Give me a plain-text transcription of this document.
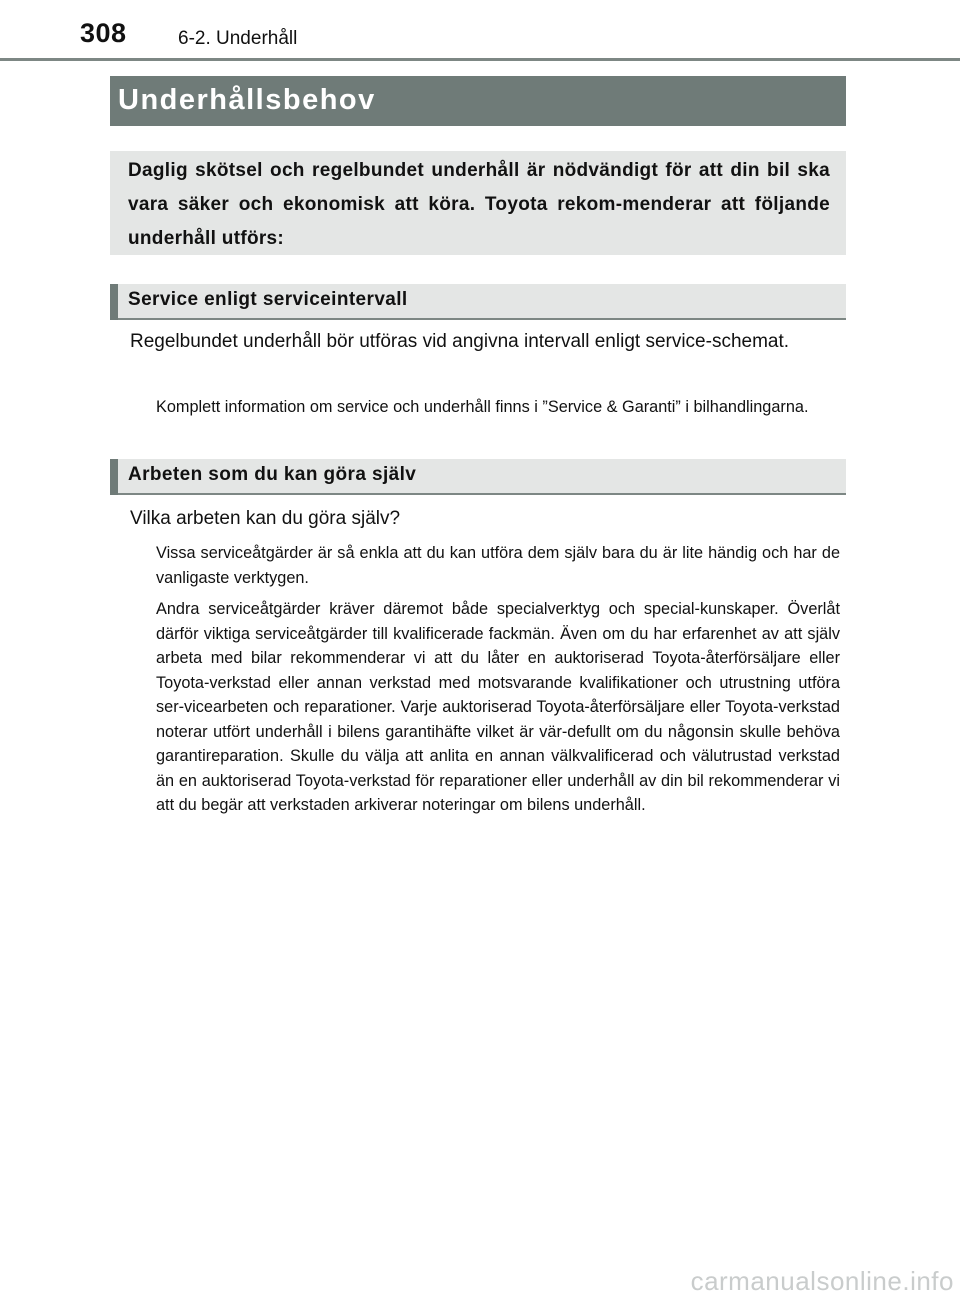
308	6-2. Underhåll
Underhållsbehov

Daglig skötsel och regelbundet underhåll är nödvändigt för att din bil ska vara säker och ekonomisk att köra. Toyota rekom-menderar att följande underhåll utförs:

Service enligt serviceintervall

Regelbundet underhåll bör utföras vid angivna intervall enligt service-schemat.

Komplett information om service och underhåll finns i ”Service & Garanti” i bilhandlingarna.

Arbeten som du kan göra själv

Vilka arbeten kan du göra själv?

Vissa serviceåtgärder är så enkla att du kan utföra dem själv bara du är lite händig och har de vanligaste verktygen.

Andra serviceåtgärder kräver däremot både specialverktyg och special-kunskaper. Överlåt därför viktiga serviceåtgärder till kvalificerade fackmän. Även om du har erfarenhet av att själv arbeta med bilar rekommenderar vi att du låter en auktoriserad Toyota-återförsäljare eller Toyota-verkstad eller annan verkstad med motsvarande kvalifikationer och utrustning utföra ser-vicearbeten och reparationer. Varje auktoriserad Toyota-återförsäljare eller Toyota-verkstad noterar utfört underhåll i bilens garantihäfte vilket är vär-defullt om du någonsin skulle behöva garantireparation. Skulle du välja att anlita en annan välkvalificerad och välutrustad verkstad än en auktoriserad Toyota-verkstad för reparationer eller underhåll av din bil rekommenderar vi att du begär att verkstaden arkiverar noteringar om bilens underhåll.

carmanualsonline.info
